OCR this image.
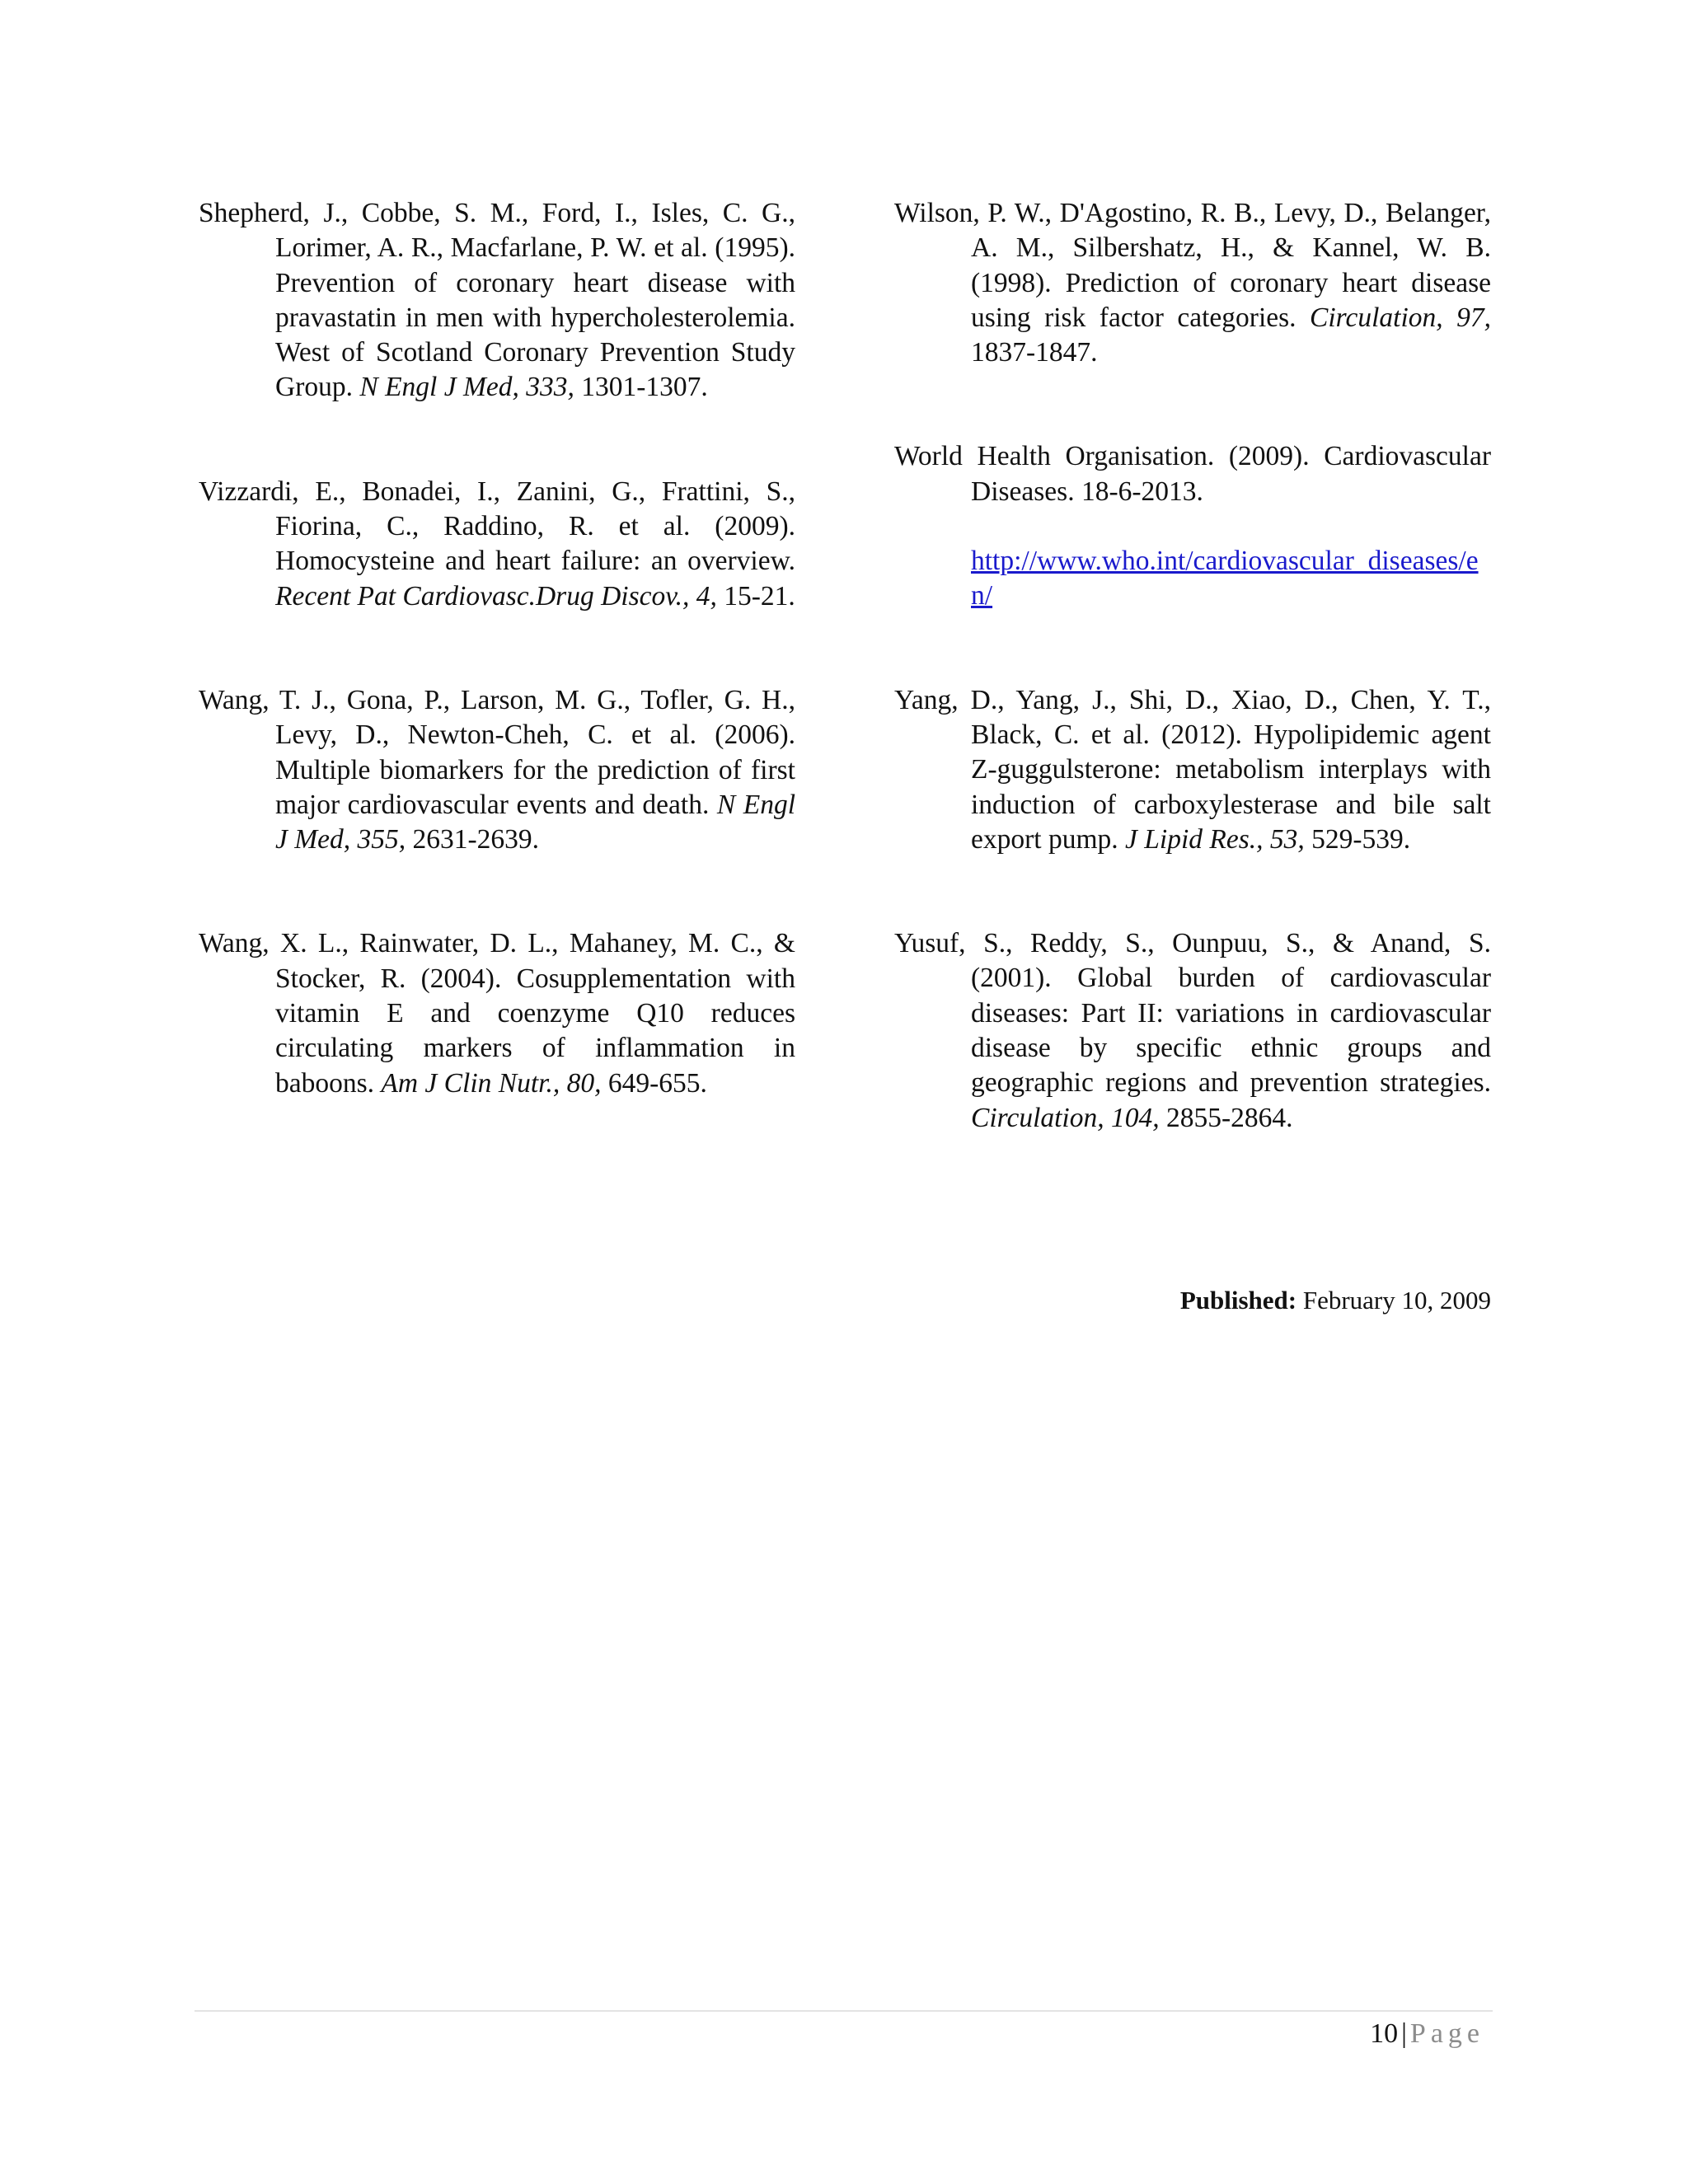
Shepherd, J., Cobbe, S. M., Ford, I., Isles, C. G., Lorimer, A. R., Macfarlane, P. W. et al. (1995). Prevention of coronary heart disease with pravastatin in men with hypercholesterolemia. West of Scotland Coronary Prevention Study Group. N Engl J Med, 333, 1301-1307.

Vizzardi, E., Bonadei, I., Zanini, G., Frattini, S., Fiorina, C., Raddino, R. et al. (2009). Homocysteine and heart failure: an overview. Recent Pat Cardiovasc.Drug Discov., 4, 15-21.

Wang, T. J., Gona, P., Larson, M. G., Tofler, G. H., Levy, D., Newton-Cheh, C. et al. (2006). Multiple biomarkers for the prediction of first major cardiovascular events and death. N Engl J Med, 355, 2631-2639.

Wang, X. L., Rainwater, D. L., Mahaney, M. C., & Stocker, R. (2004). Cosupplementation with vitamin E and coenzyme Q10 reduces circulating markers of inflammation in baboons. Am J Clin Nutr., 80, 649-655.

Wilson, P. W., D'Agostino, R. B., Levy, D., Belanger, A. M., Silbershatz, H., & Kannel, W. B. (1998). Prediction of coronary heart disease using risk factor categories. Circulation, 97, 1837-1847.

World Health Organisation. (2009). Cardiovascular Diseases. 18-6-2013.

http://www.who.int/cardiovascular_diseases/en/

Yang, D., Yang, J., Shi, D., Xiao, D., Chen, Y. T., Black, C. et al. (2012). Hypolipidemic agent Z-guggulsterone: metabolism interplays with induction of carboxylesterase and bile salt export pump. J Lipid Res., 53, 529-539.

Yusuf, S., Reddy, S., Ounpuu, S., & Anand, S. (2001). Global burden of cardiovascular diseases: Part II: variations in cardiovascular disease by specific ethnic groups and geographic regions and prevention strategies. Circulation, 104, 2855-2864.

Published: February 10, 2009
10 | Page
